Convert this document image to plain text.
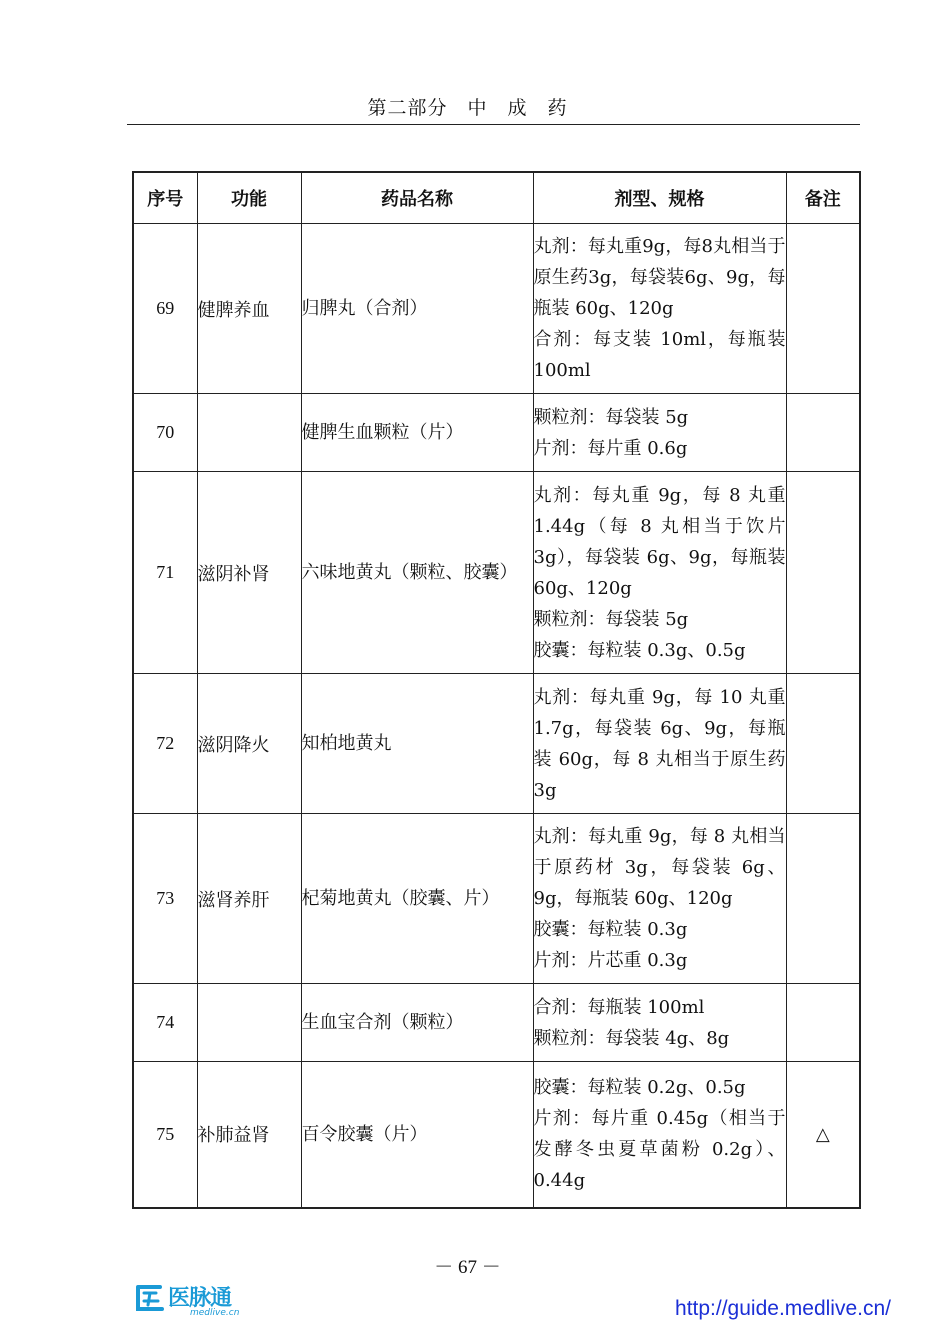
第二部分　中　成　药
序号	功能	药品名称	剂型、规格	备注
69	健脾养血	归脾丸（合剂）	丸剂：每丸重9g，每8丸相当于原生药3g，每袋装6g、9g，每瓶装 60g、120g
合剂：每支装 10ml，每瓶装 100ml	

70		健脾生血颗粒（片）	颗粒剂：每袋装 5g
片剂：每片重 0.6g	

71	滋阴补肾	六味地黄丸（颗粒、胶囊）	丸剂：每丸重 9g，每 8 丸重 1.44g（每 8 丸相当于饮片 3g），每袋装 6g、9g，每瓶装 60g、120g
颗粒剂：每袋装 5g
胶囊：每粒装 0.3g、0.5g	

72	滋阴降火	知柏地黄丸	丸剂：每丸重 9g，每 10 丸重 1.7g，每袋装 6g、9g，每瓶装 60g，每 8 丸相当于原生药 3g	

73	滋肾养肝	杞菊地黄丸（胶囊、片）	丸剂：每丸重 9g，每 8 丸相当于原药材 3g，每袋装 6g、9g，每瓶装 60g、120g
胶囊：每粒装 0.3g
片剂：片芯重 0.3g	

74		生血宝合剂（颗粒）	合剂：每瓶装 100ml
颗粒剂：每袋装 4g、8g	

75	补肺益肾	百令胶囊（片）	胶囊：每粒装 0.2g、0.5g
片剂：每片重 0.45g（相当于发酵冬虫夏草菌粉 0.2g）、0.44g	△
－ 67 －
医脉通
medlive.cn	http://guide.medlive.cn/
